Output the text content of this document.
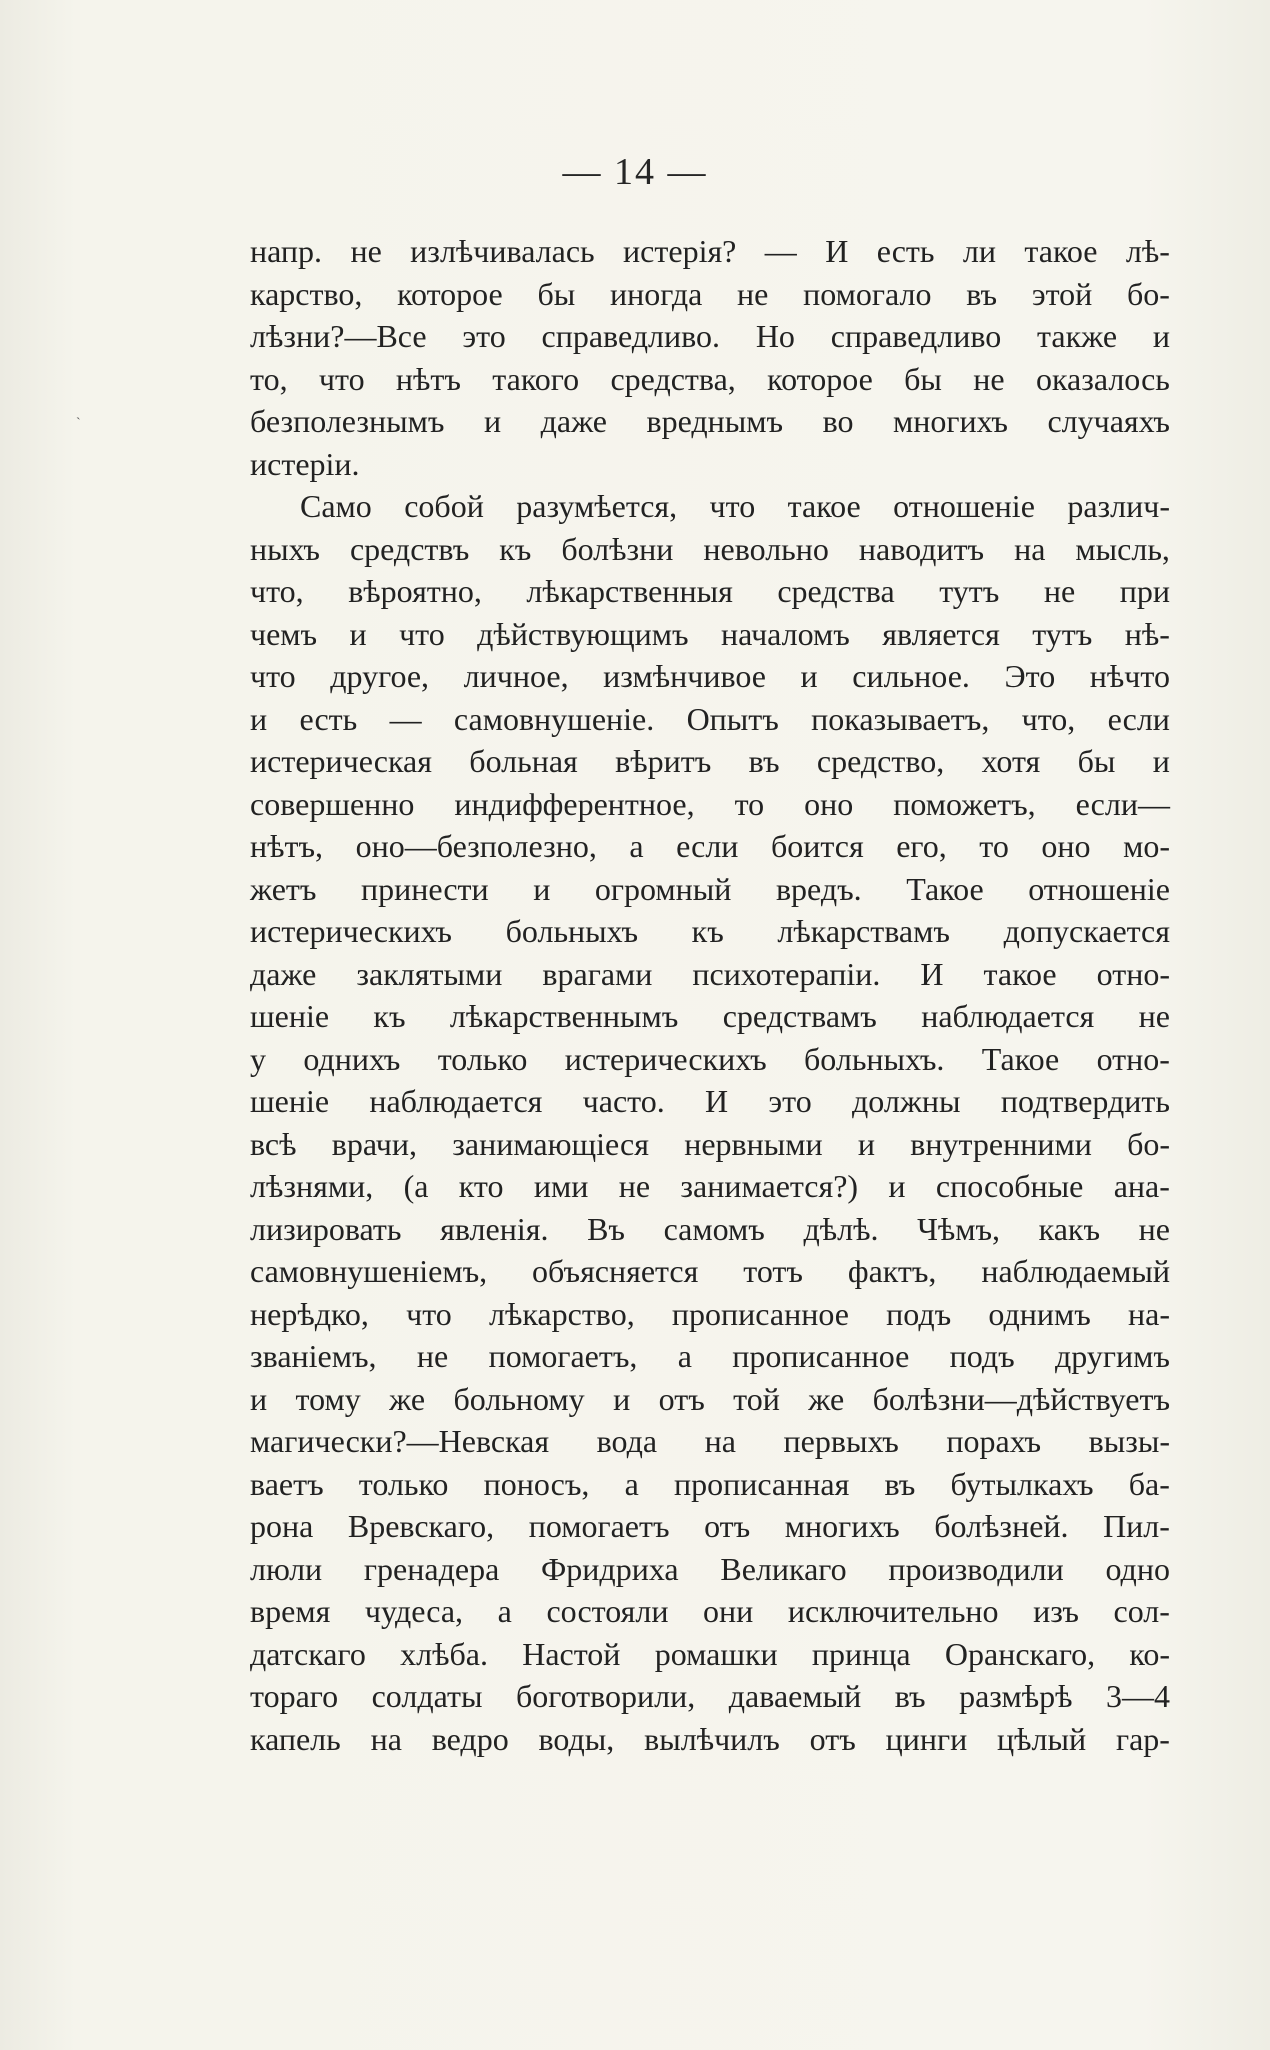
— 14 —
напр. не излѣчивалась истерія? — И есть ли такое лѣ-
карство, которое бы иногда не помогало въ этой бо-
лѣзни?—Все это справедливо. Но справедливо также и
то, что нѣтъ такого средства, которое бы не оказалось
безполезнымъ и даже вреднымъ во многихъ случаяхъ
истеріи.
Само собой разумѣется, что такое отношеніе различ-
ныхъ средствъ къ болѣзни невольно наводитъ на мысль,
что, вѣроятно, лѣкарственныя средства тутъ не при
чемъ и что дѣйствующимъ началомъ является тутъ нѣ-
что другое, личное, измѣнчивое и сильное. Это нѣчто
и есть — самовнушеніе. Опытъ показываетъ, что, если
истерическая больная вѣритъ въ средство, хотя бы и
совершенно индифферентное, то оно поможетъ, если—
нѣтъ, оно—безполезно, а если боится его, то оно мо-
жетъ принести и огромный вредъ. Такое отношеніе
истерическихъ больныхъ къ лѣкарствамъ допускается
даже заклятыми врагами психотерапіи. И такое отно-
шеніе къ лѣкарственнымъ средствамъ наблюдается не
у однихъ только истерическихъ больныхъ. Такое отно-
шеніе наблюдается часто. И это должны подтвердить
всѣ врачи, занимающіеся нервными и внутренними бо-
лѣзнями, (а кто ими не занимается?) и способные ана-
лизировать явленія. Въ самомъ дѣлѣ. Чѣмъ, какъ не
самовнушеніемъ, объясняется тотъ фактъ, наблюдаемый
нерѣдко, что лѣкарство, прописанное подъ однимъ на-
званіемъ, не помогаетъ, а прописанное подъ другимъ
и тому же больному и отъ той же болѣзни—дѣйствуетъ
магически?—Невская вода на первыхъ порахъ вызы-
ваетъ только поносъ, а прописанная въ бутылкахъ ба-
рона Вревскаго, помогаетъ отъ многихъ болѣзней. Пил-
люли гренадера Фридриха Великаго производили одно
время чудеса, а состояли они исключительно изъ сол-
датскаго хлѣба. Настой ромашки принца Оранскаго, ко-
тораго солдаты боготворили, даваемый въ размѣрѣ 3—4
капель на ведро воды, вылѣчилъ отъ цинги цѣлый гар-
`
